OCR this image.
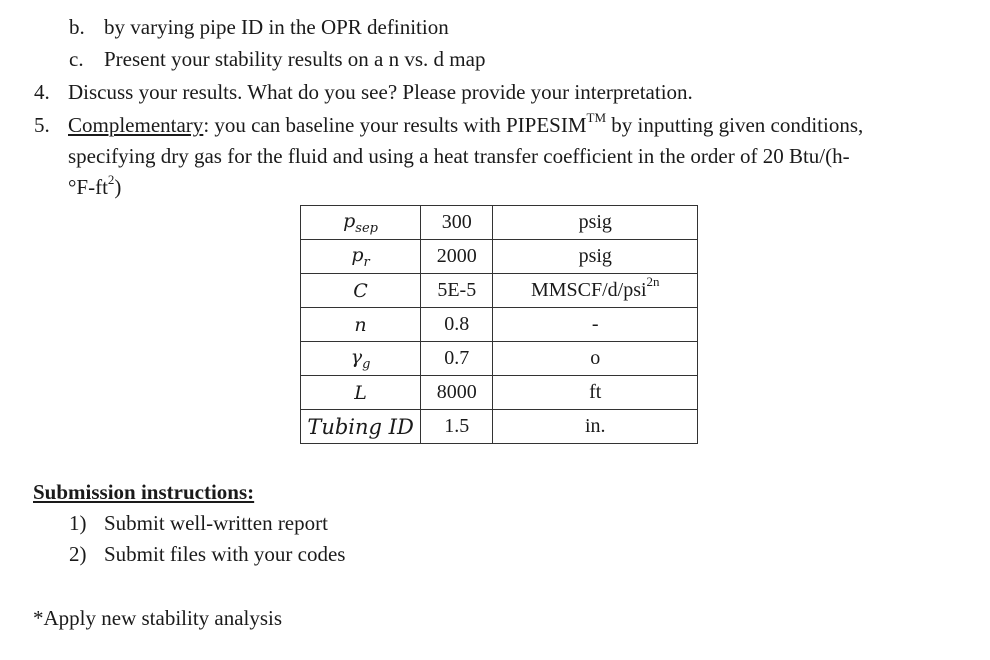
b. by varying pipe ID in the OPR definition
c. Present your stability results on a n vs. d map
4. Discuss your results. What do you see? Please provide your interpretation.
5. Complementary: you can baseline your results with PIPESIM™ by inputting given conditions,
specifying dry gas for the fluid and using a heat transfer coefficient in the order of 20 Btu/(h-
$^\circ F-ft^2$)
$p_{sep}$	300	psig
$p_r$	2000	psig
C	5E-5	MMSCF/d/psi$^{2n}$
n	0.8	-
$\gamma_g$	0.7	o
L	8000	ft
Tubing ID	1.5	in.
Submission instructions:
1) Submit well-written report
2) Submit files with your codes
*Apply new stability analysis
